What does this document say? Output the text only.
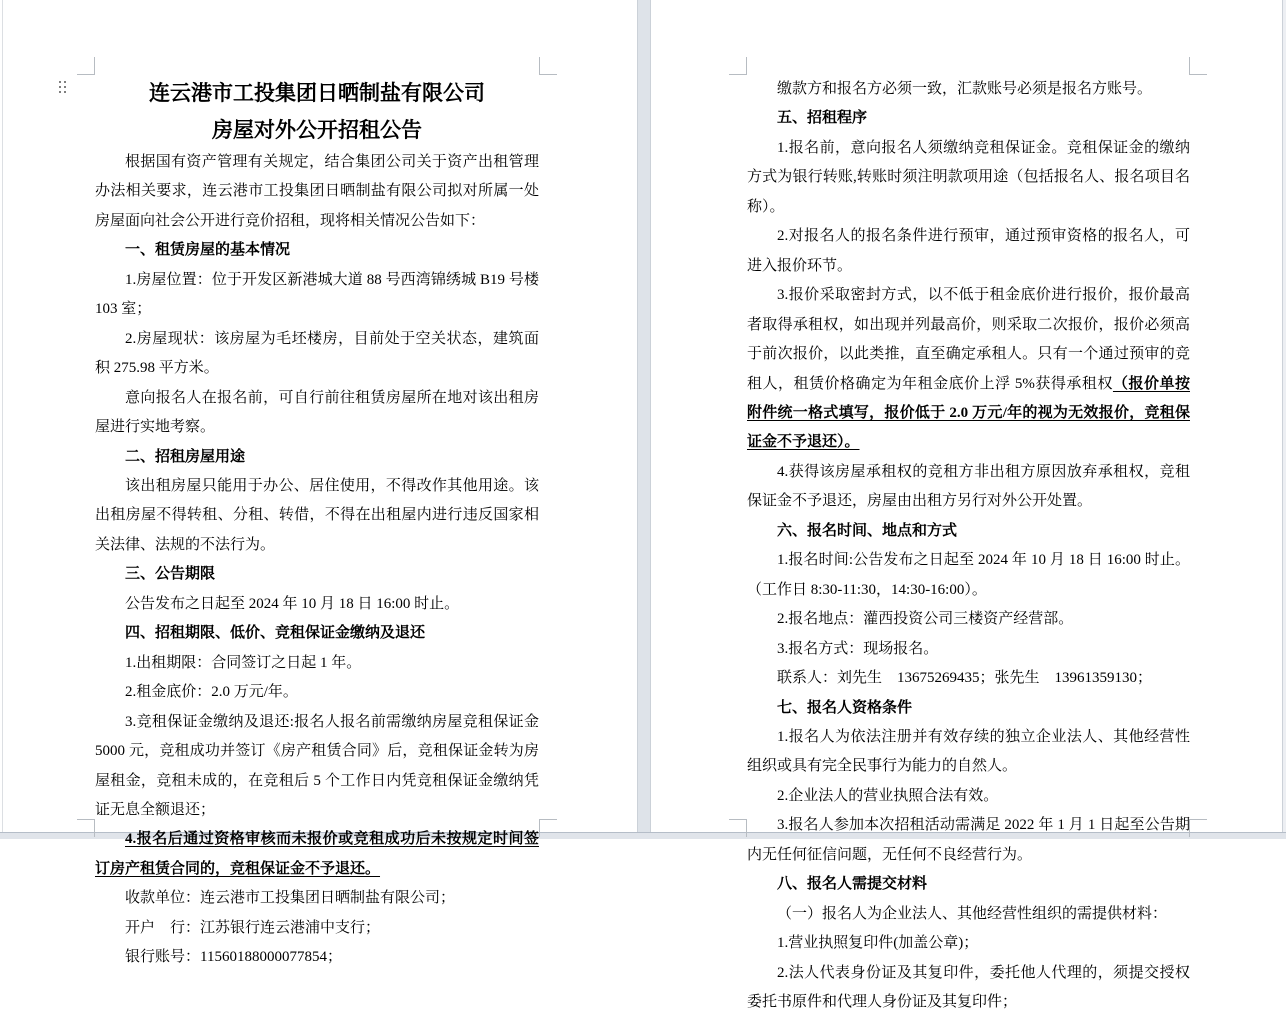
连云港市工投集团日晒制盐有限公司

房屋对外公开招租公告

根据国有资产管理有关规定，结合集团公司关于资产出租管理办法相关要求，连云港市工投集团日晒制盐有限公司拟对所属一处房屋面向社会公开进行竞价招租，现将相关情况公告如下：

一、租赁房屋的基本情况

1.房屋位置：位于开发区新港城大道 88 号西湾锦绣城 B19 号楼 103 室；

2.房屋现状：该房屋为毛坯楼房，目前处于空关状态，建筑面积 275.98 平方米。

意向报名人在报名前，可自行前往租赁房屋所在地对该出租房屋进行实地考察。

二、招租房屋用途

该出租房屋只能用于办公、居住使用，不得改作其他用途。该出租房屋不得转租、分租、转借，不得在出租屋内进行违反国家相关法律、法规的不法行为。

三、公告期限

公告发布之日起至 2024 年 10 月 18 日 16:00 时止。

四、招租期限、低价、竞租保证金缴纳及退还

1.出租期限：合同签订之日起 1 年。

2.租金底价：2.0 万元/年。

3.竞租保证金缴纳及退还:报名人报名前需缴纳房屋竞租保证金 5000 元，竞租成功并签订《房产租赁合同》后，竞租保证金转为房屋租金，竞租未成的，在竞租后 5 个工作日内凭竞租保证金缴纳凭证无息全额退还；

4.报名后通过资格审核而未报价或竞租成功后未按规定时间签订房产租赁合同的，竞租保证金不予退还。

收款单位：连云港市工投集团日晒制盐有限公司；

开户　行：江苏银行连云港浦中支行；

银行账号：11560188000077854；

缴款方和报名方必须一致，汇款账号必须是报名方账号。

五、招租程序

1.报名前，意向报名人须缴纳竞租保证金。竞租保证金的缴纳方式为银行转账,转账时须注明款项用途（包括报名人、报名项目名称）。

2.对报名人的报名条件进行预审，通过预审资格的报名人，可进入报价环节。

3.报价采取密封方式，以不低于租金底价进行报价，报价最高者取得承租权，如出现并列最高价，则采取二次报价，报价必须高于前次报价，以此类推，直至确定承租人。只有一个通过预审的竞租人，租赁价格确定为年租金底价上浮 5%获得承租权（报价单按附件统一格式填写，报价低于 2.0 万元/年的视为无效报价，竞租保证金不予退还）。

4.获得该房屋承租权的竞租方非出租方原因放弃承租权，竞租保证金不予退还，房屋由出租方另行对外公开处置。

六、报名时间、地点和方式

1.报名时间:公告发布之日起至 2024 年 10 月 18 日 16:00 时止。（工作日 8:30-11:30，14:30-16:00）。

2.报名地点：灌西投资公司三楼资产经营部。

3.报名方式：现场报名。

联系人：刘先生　13675269435；张先生　13961359130；

七、报名人资格条件

1.报名人为依法注册并有效存续的独立企业法人、其他经营性组织或具有完全民事行为能力的自然人。

2.企业法人的营业执照合法有效。

3.报名人参加本次招租活动需满足 2022 年 1 月 1 日起至公告期内无任何征信问题，无任何不良经营行为。

八、报名人需提交材料

（一）报名人为企业法人、其他经营性组织的需提供材料：

1.营业执照复印件(加盖公章)；

2.法人代表身份证及其复印件，委托他人代理的，须提交授权委托书原件和代理人身份证及其复印件；
